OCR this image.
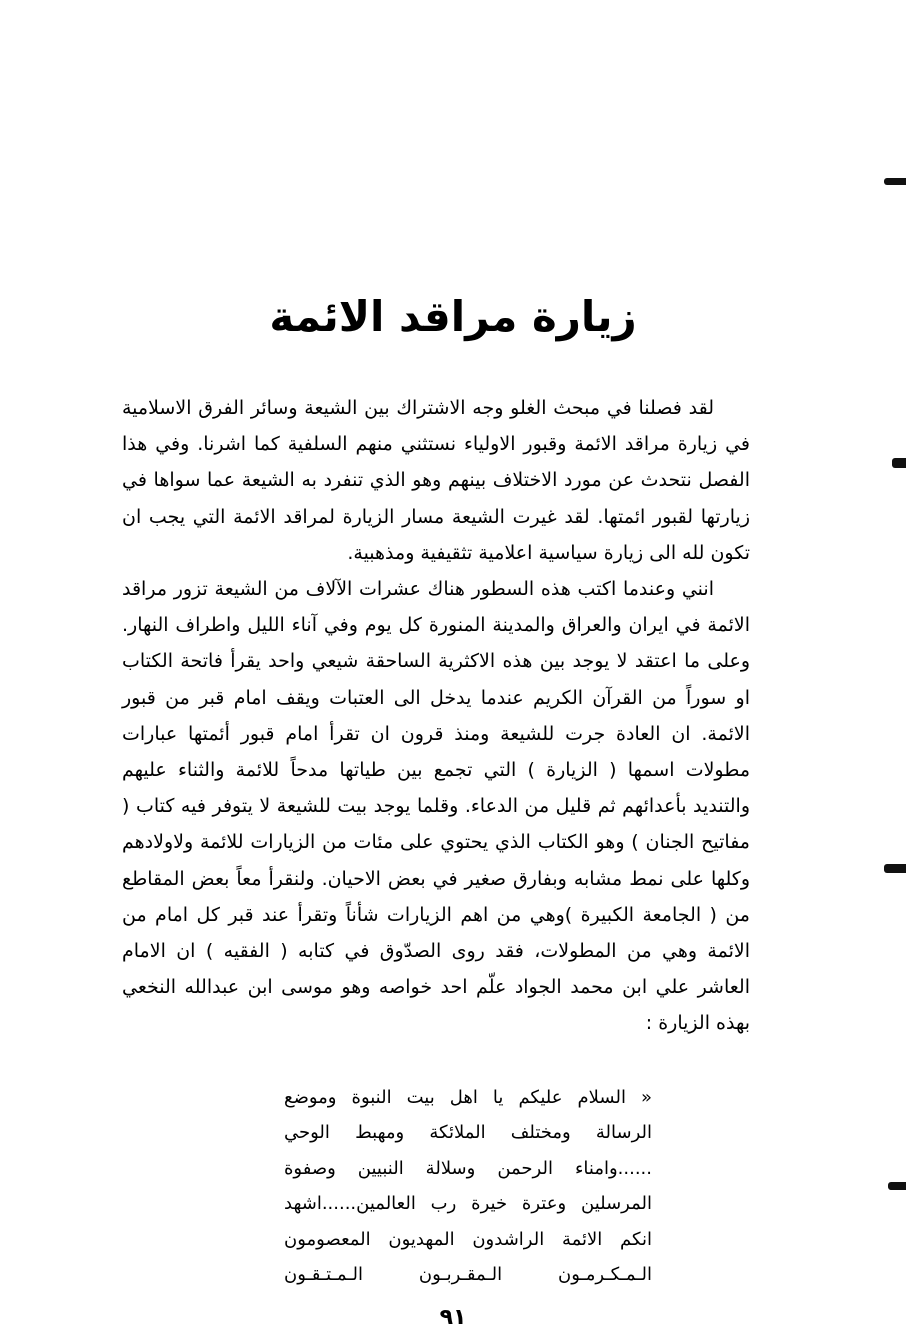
زيارة مراقد الائمة

لقد فصلنا في مبحث الغلو وجه الاشتراك بين الشيعة وسائر الفرق الاسلامية في زيارة مراقد الائمة وقبور الاولياء نستثني منهم السلفية كما اشرنا. وفي هذا الفصل نتحدث عن مورد الاختلاف بينهم وهو الذي تنفرد به الشيعة عما سواها في زيارتها لقبور ائمتها. لقد غيرت الشيعة مسار الزيارة لمراقد الائمة التي يجب ان تكون لله الى زيارة سياسية اعلامية تثقيفية ومذهبية.

انني وعندما اكتب هذه السطور هناك عشرات الآلاف من الشيعة تزور مراقد الائمة في ايران والعراق والمدينة المنورة كل يوم وفي آناء الليل واطراف النهار. وعلى ما اعتقد لا يوجد بين هذه الاكثرية الساحقة شيعي واحد يقرأ فاتحة الكتاب او سوراً من القرآن الكريم عندما يدخل الى العتبات ويقف امام قبر من قبور الائمة. ان العادة جرت للشيعة ومنذ قرون ان تقرأ امام قبور أئمتها عبارات مطولات اسمها ( الزيارة ) التي تجمع بين طياتها مدحاً للائمة والثناء عليهم والتنديد بأعدائهم ثم قليل من الدعاء. وقلما يوجد بيت للشيعة لا يتوفر فيه كتاب ( مفاتيح الجنان ) وهو الكتاب الذي يحتوي على مئات من الزيارات للائمة ولاولادهم وكلها على نمط مشابه وبفارق صغير في بعض الاحيان. ولنقرأ معاً بعض المقاطع من ( الجامعة الكبيرة )وهي من اهم الزيارات شأناً وتقرأ عند قبر كل امام من الائمة وهي من المطولات، فقد روى الصدّوق في كتابه ( الفقيه ) ان الامام العاشر علي ابن محمد الجواد علّم احد خواصه وهو موسى ابن عبدالله النخعي بهذه الزيارة :

« السلام عليكم يا اهل بيت النبوة وموضع
الرسالة ومختلف الملائكة ومهبط الوحي
......وامناء الرحمن وسلالة النبيين وصفوة
المرسلين وعترة خيرة رب العالمين......اشهد
انكم الائمة الراشدون المهديون المعصومون
الـمـكـرمـون الـمقـربـون الـمـتـقـون
٩١
